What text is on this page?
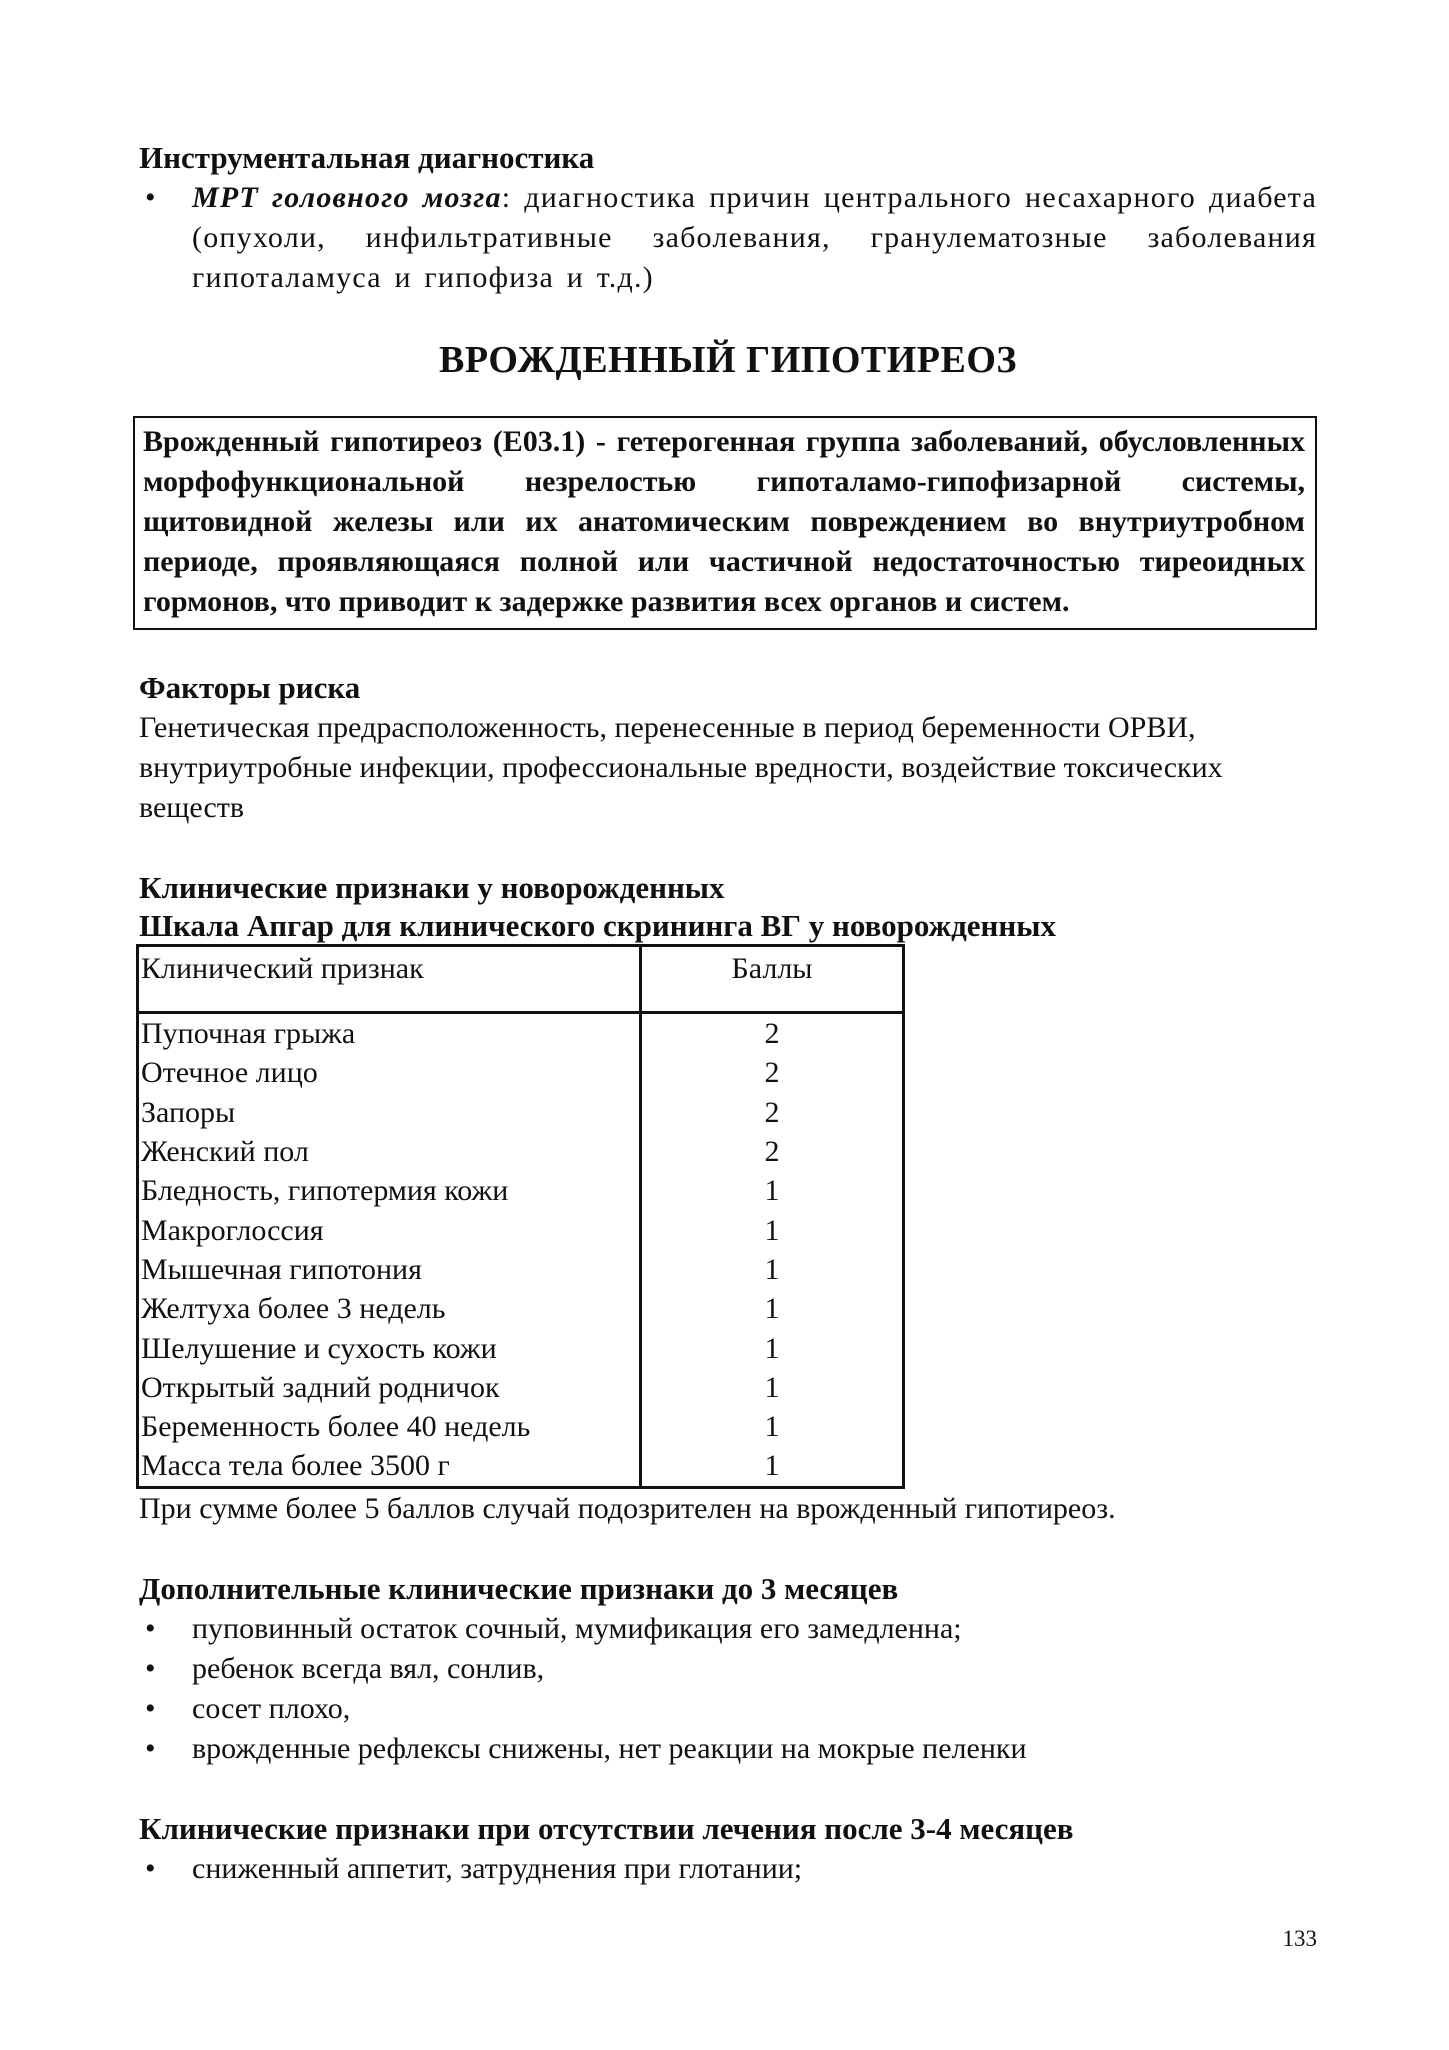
Инструментальная диагностика

• МРТ головного мозга: диагностика причин центрального несахарного диабета (опухоли, инфильтративные заболевания, гранулематозные заболевания гипоталамуса и гипофиза и т.д.)

ВРОЖДЕННЫЙ ГИПОТИРЕОЗ

Врожденный гипотиреоз (Е03.1) - гетерогенная группа заболеваний, обусловленных морфофункциональной незрелостью гипоталамо-гипофизарной системы, щитовидной железы или их анатомическим повреждением во внутриутробном периоде, проявляющаяся полной или частичной недостаточностью тиреоидных гормонов, что приводит к задержке развития всех органов и систем.

Факторы риска

Генетическая предрасположенность, перенесенные в период беременности ОРВИ, внутриутробные инфекции, профессиональные вредности, воздействие токсических веществ

Клинические признаки у новорожденных

Шкала Апгар для клинического скрининга ВГ у новорожденных

Клинический признак	Баллы
Пупочная грыжа	2
Отечное лицо	2
Запоры	2
Женский пол	2
Бледность, гипотермия кожи	1
Макроглоссия	1
Мышечная гипотония	1
Желтуха более 3 недель	1
Шелушение и сухость кожи	1
Открытый задний родничок	1
Беременность более 40 недель	1
Масса тела более 3500 г	1

При сумме более 5 баллов случай подозрителен на врожденный гипотиреоз.

Дополнительные клинические признаки до 3 месяцев

• пуповинный остаток сочный, мумификация его замедленна;
• ребенок всегда вял, сонлив,
• сосет плохо,
• врожденные рефлексы снижены, нет реакции на мокрые пеленки

Клинические признаки при отсутствии лечения после 3-4 месяцев

• сниженный аппетит, затруднения при глотании;
133
